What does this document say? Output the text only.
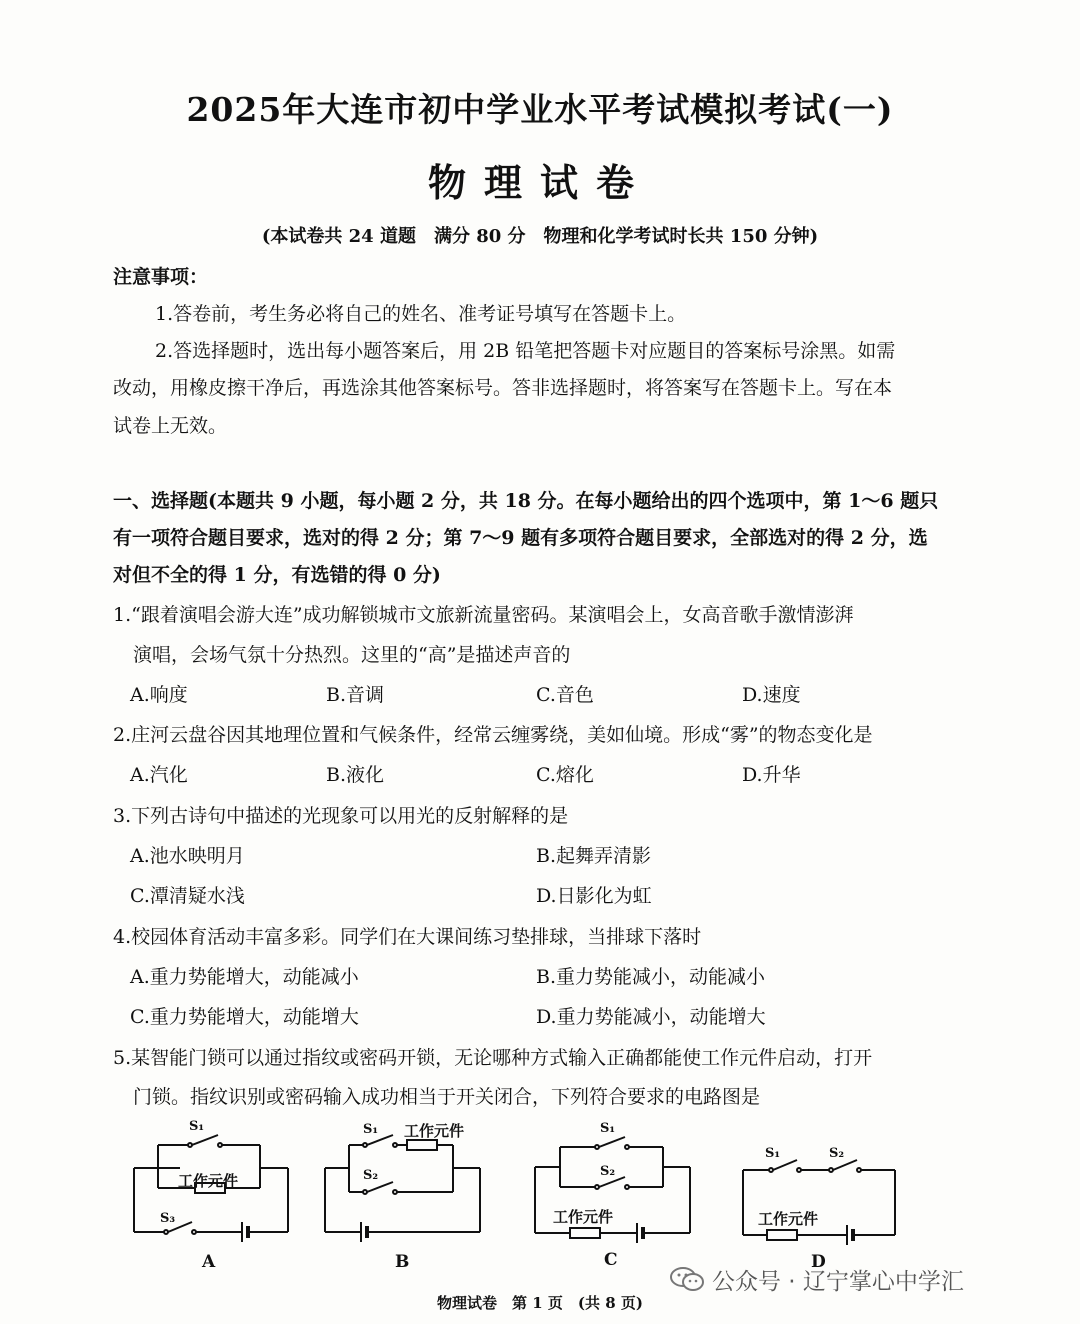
2025年大连市初中学业水平考试模拟考试(一)
物理试卷
(本试卷共 24 道题　满分 80 分　物理和化学考试时长共 150 分钟)
注意事项：
1.答卷前，考生务必将自己的姓名、准考证号填写在答题卡上。
2.答选择题时，选出每小题答案后，用 2B 铅笔把答题卡对应题目的答案标号涂黑。如需
改动，用橡皮擦干净后，再选涂其他答案标号。答非选择题时，将答案写在答题卡上。写在本
试卷上无效。
一、选择题(本题共 9 小题，每小题 2 分，共 18 分。在每小题给出的四个选项中，第 1～6 题只
有一项符合题目要求，选对的得 2 分；第 7～9 题有多项符合题目要求，全部选对的得 2 分，选
对但不全的得 1 分，有选错的得 0 分)
1.“跟着演唱会游大连”成功解锁城市文旅新流量密码。某演唱会上，女高音歌手激情澎湃
演唱，会场气氛十分热烈。这里的“高”是描述声音的
A.响度	B.音调	C.音色	D.速度
2.庄河云盘谷因其地理位置和气候条件，经常云缠雾绕，美如仙境。形成“雾”的物态变化是
A.汽化	B.液化	C.熔化	D.升华
3.下列古诗句中描述的光现象可以用光的反射解释的是
A.池水映明月	B.起舞弄清影
C.潭清疑水浅	D.日影化为虹
4.校园体育活动丰富多彩。同学们在大课间练习垫排球，当排球下落时
A.重力势能增大，动能减小	B.重力势能减小，动能减小
C.重力势能增大，动能增大	D.重力势能减小，动能增大
5.某智能门锁可以通过指纹或密码开锁，无论哪种方式输入正确都能使工作元件启动，打开
门锁。指纹识别或密码输入成功相当于开关闭合，下列符合要求的电路图是
S₁
工作元件
S₃
A
S₁ 工作元件
S₂
B
S₁
S₂
工作元件
C
S₁	S₂
工作元件
D
公众号 · 辽宁掌心中学汇
物理试卷　第 1 页　(共 8 页)
